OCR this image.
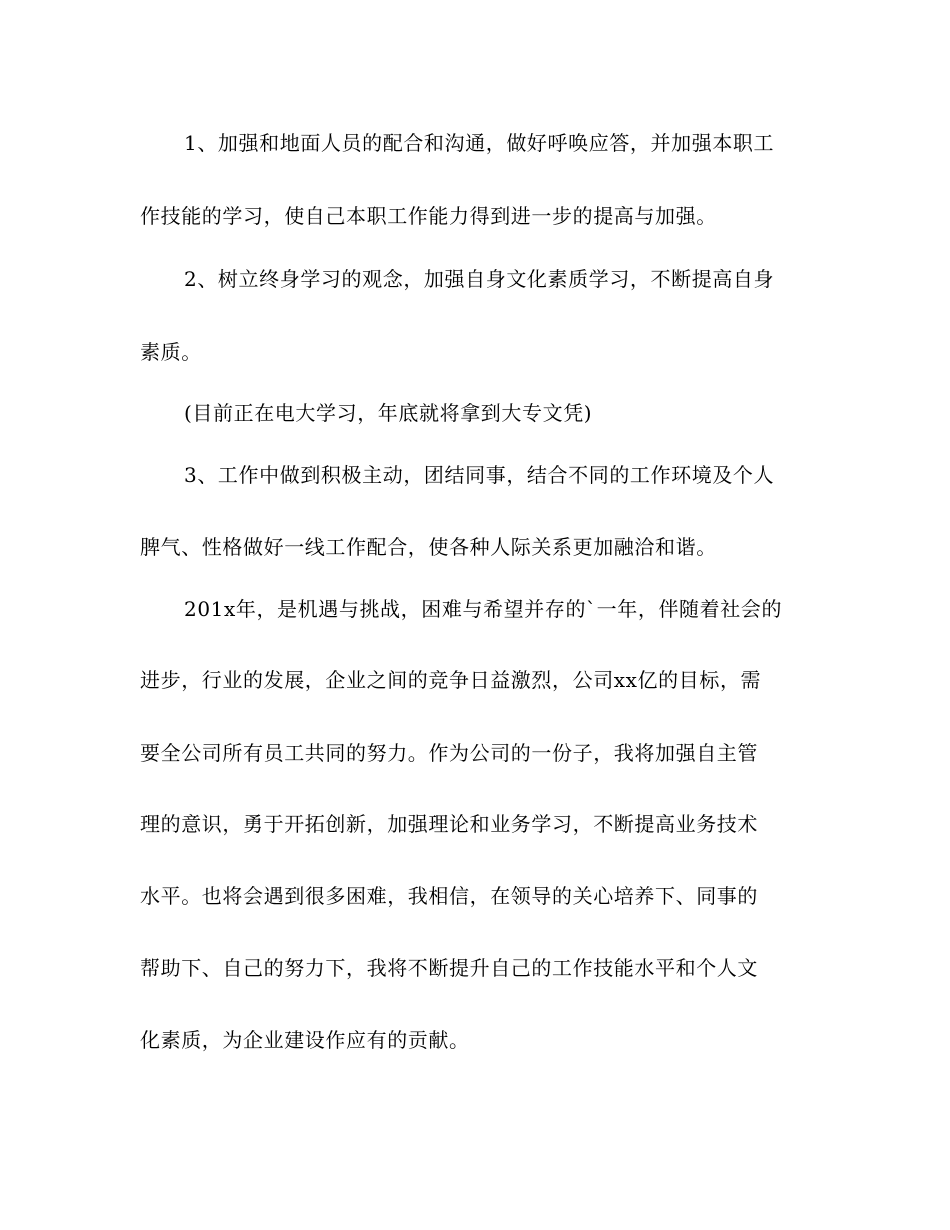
1、加强和地面人员的配合和沟通，做好呼唤应答，并加强本职工
作技能的学习，使自己本职工作能力得到进一步的提高与加强。
2、树立终身学习的观念，加强自身文化素质学习，不断提高自身
素质。
(目前正在电大学习，年底就将拿到大专文凭)
3、工作中做到积极主动，团结同事，结合不同的工作环境及个人
脾气、性格做好一线工作配合，使各种人际关系更加融洽和谐。
201x年，是机遇与挑战，困难与希望并存的`一年，伴随着社会的
进步，行业的发展，企业之间的竞争日益激烈，公司xx亿的目标，需
要全公司所有员工共同的努力。作为公司的一份子，我将加强自主管
理的意识，勇于开拓创新，加强理论和业务学习，不断提高业务技术
水平。也将会遇到很多困难，我相信，在领导的关心培养下、同事的
帮助下、自己的努力下，我将不断提升自己的工作技能水平和个人文
化素质，为企业建设作应有的贡献。
